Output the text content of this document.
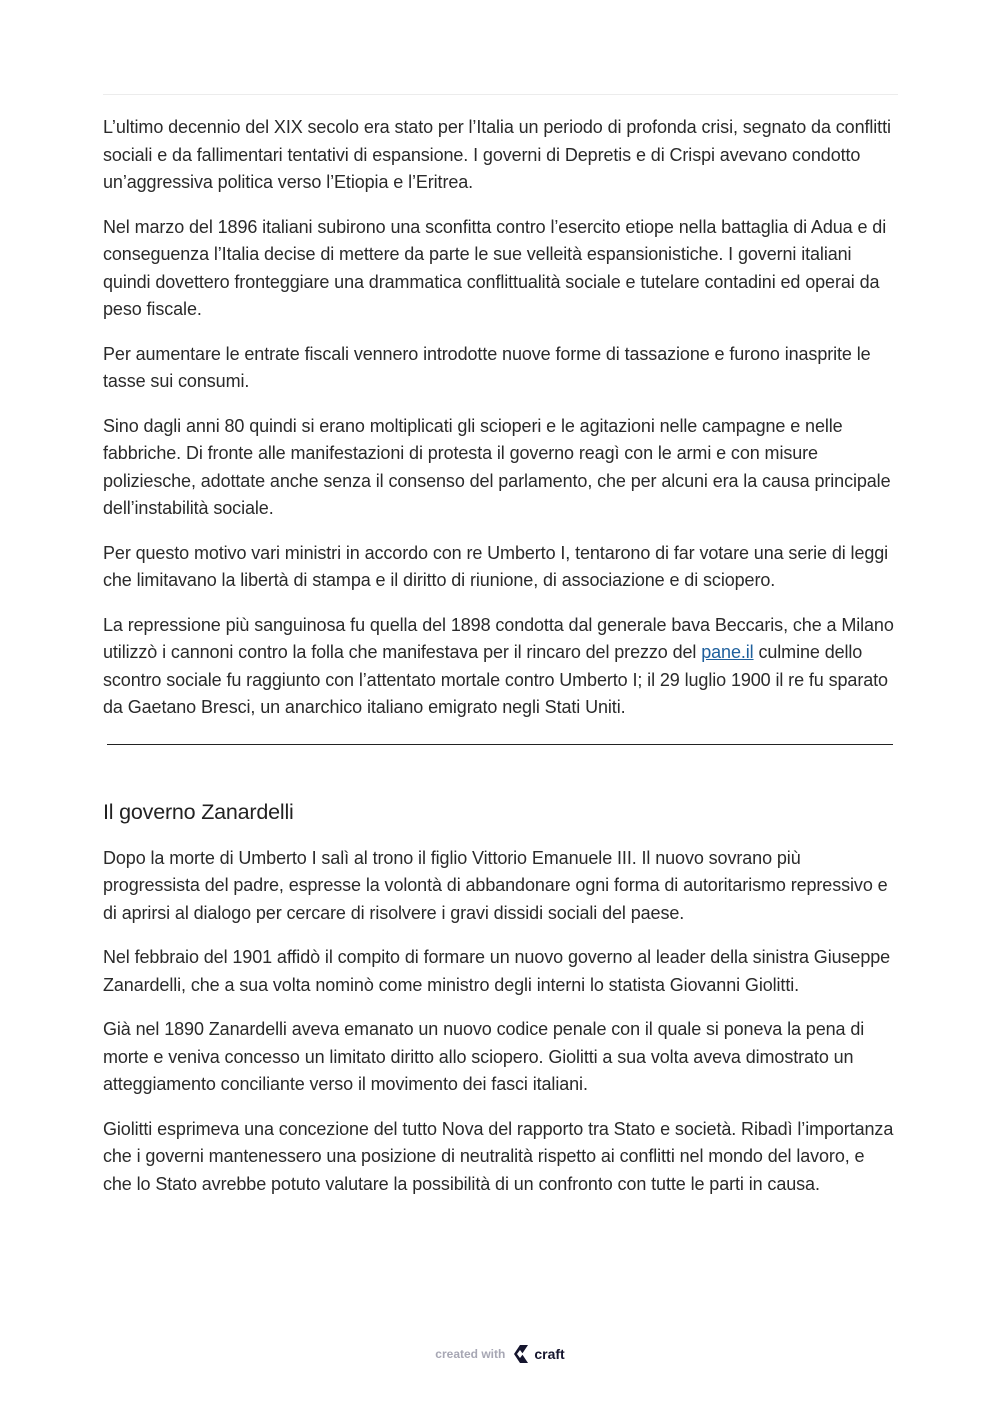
L’ultimo decennio del XIX secolo era stato per l’Italia un periodo di profonda crisi, segnato da conflitti sociali e da fallimentari tentativi di espansione. I governi di Depretis e di Crispi avevano condotto un’aggressiva politica verso l’Etiopia e l’Eritrea.

Nel marzo del 1896 italiani subirono una sconfitta contro l’esercito etiope nella battaglia di Adua e di conseguenza l’Italia decise di mettere da parte le sue velleità espansionistiche. I governi italiani quindi dovettero fronteggiare una drammatica conflittualità sociale e tutelare contadini ed operai da peso fiscale.

Per aumentare le entrate fiscali vennero introdotte nuove forme di tassazione e furono inasprite le tasse sui consumi.

Sino dagli anni 80 quindi si erano moltiplicati gli scioperi e le agitazioni nelle campagne e nelle fabbriche. Di fronte alle manifestazioni di protesta il governo reagì con le armi e con misure poliziesche, adottate anche senza il consenso del parlamento, che per alcuni era la causa principale dell’instabilità sociale.

Per questo motivo vari ministri in accordo con re Umberto I, tentarono di far votare una serie di leggi che limitavano la libertà di stampa e il diritto di riunione, di associazione e di sciopero.

La repressione più sanguinosa fu quella del 1898 condotta dal generale bava Beccaris, che a Milano utilizzò i cannoni contro la folla che manifestava per il rincaro del prezzo del pane.il culmine dello scontro sociale fu raggiunto con l’attentato mortale contro Umberto I; il 29 luglio 1900 il re fu sparato da Gaetano Bresci, un anarchico italiano emigrato negli Stati Uniti.

Il governo Zanardelli

Dopo la morte di Umberto I salì al trono il figlio Vittorio Emanuele III. Il nuovo sovrano più progressista del padre, espresse la volontà di abbandonare ogni forma di autoritarismo repressivo e di aprirsi al dialogo per cercare di risolvere i gravi dissidi sociali del paese.

Nel febbraio del 1901 affidò il compito di formare un nuovo governo al leader della sinistra Giuseppe Zanardelli, che a sua volta nominò come ministro degli interni lo statista Giovanni Giolitti.

Già nel 1890 Zanardelli aveva emanato un nuovo codice penale con il quale si poneva la pena di morte e veniva concesso un limitato diritto allo sciopero. Giolitti a sua volta aveva dimostrato un atteggiamento conciliante verso il movimento dei fasci italiani.

Giolitti esprimeva una concezione del tutto Nova del rapporto tra Stato e società. Ribadì l’importanza che i governi mantenessero una posizione di neutralità rispetto ai conflitti nel mondo del lavoro, e che lo Stato avrebbe potuto valutare la possibilità di un confronto con tutte le parti in causa.

created with craft
